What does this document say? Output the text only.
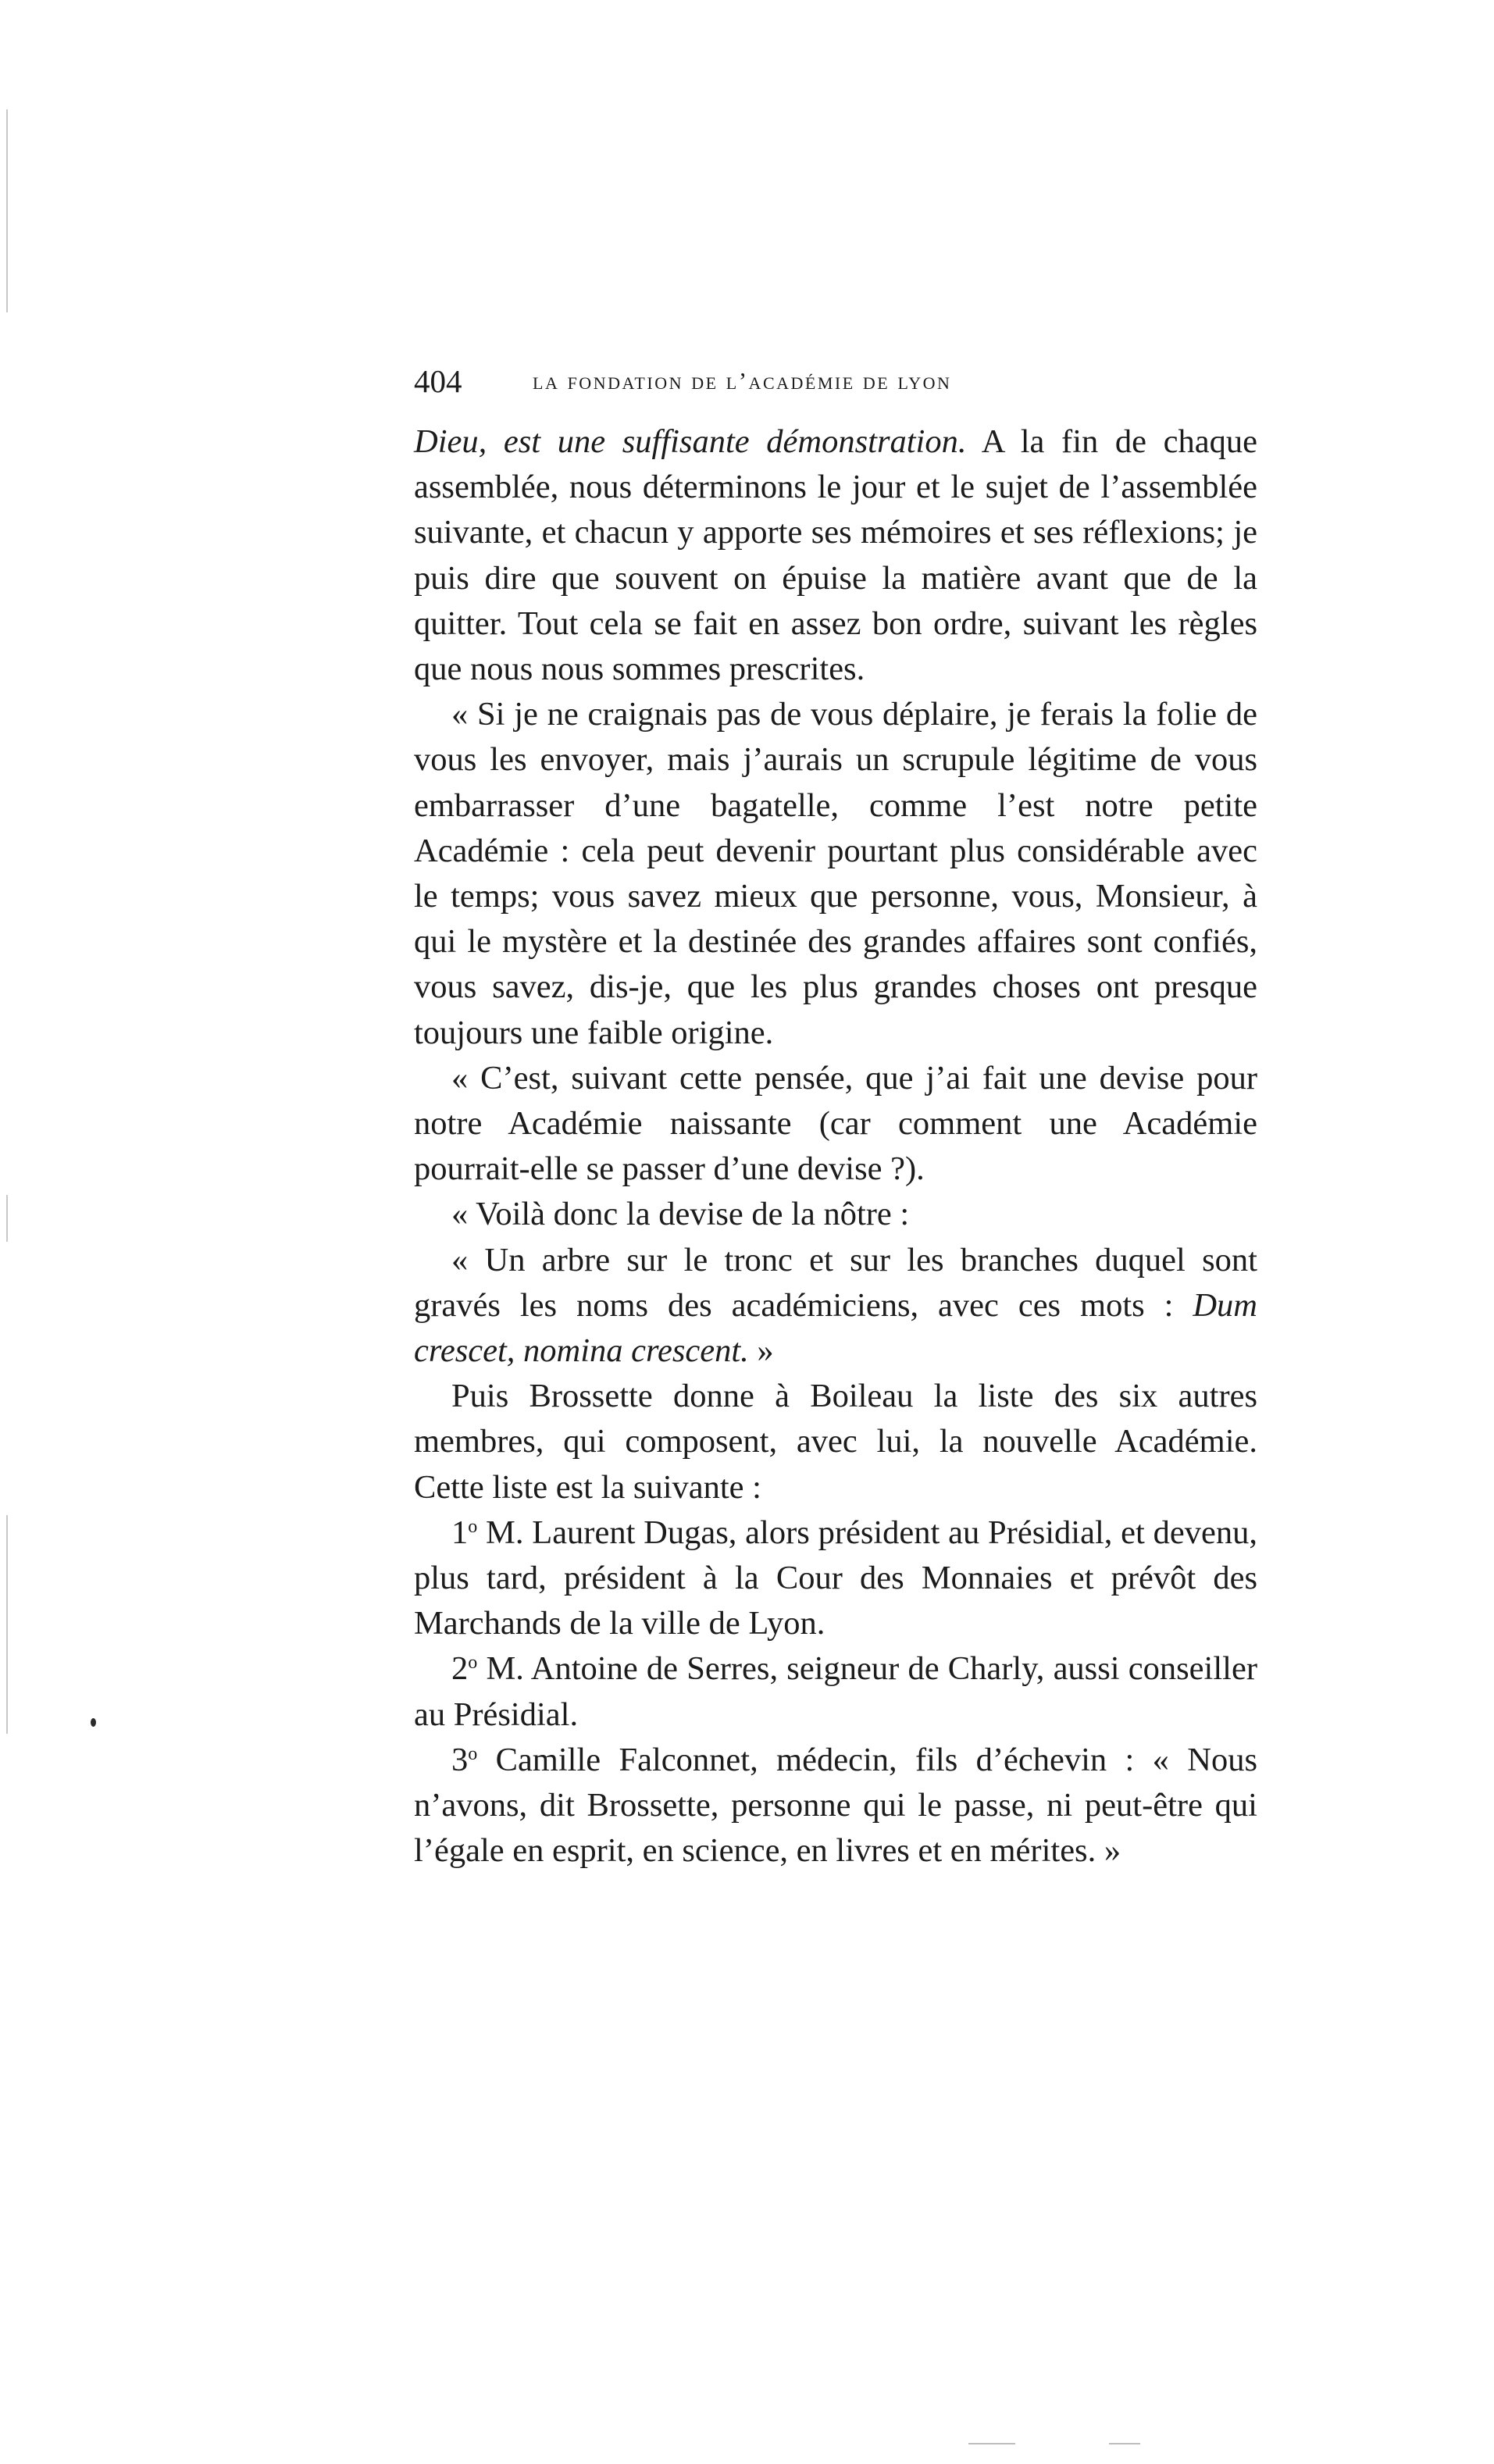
404	la fondation de l’académie de lyon

Dieu, est une suffisante démonstration. A la fin de chaque assemblée, nous déterminons le jour et le sujet de l’assemblée suivante, et chacun y apporte ses mémoires et ses réflexions; je puis dire que souvent on épuise la matière avant que de la quitter. Tout cela se fait en assez bon ordre, suivant les règles que nous nous sommes prescrites.

« Si je ne craignais pas de vous déplaire, je ferais la folie de vous les envoyer, mais j’aurais un scrupule légitime de vous embarrasser d’une bagatelle, comme l’est notre petite Académie : cela peut devenir pourtant plus considérable avec le temps; vous savez mieux que personne, vous, Monsieur, à qui le mystère et la destinée des grandes affaires sont confiés, vous savez, dis-je, que les plus grandes choses ont presque toujours une faible origine.

« C’est, suivant cette pensée, que j’ai fait une devise pour notre Académie naissante (car comment une Académie pourrait-elle se passer d’une devise ?).

« Voilà donc la devise de la nôtre :

« Un arbre sur le tronc et sur les branches duquel sont gravés les noms des académiciens, avec ces mots : Dum crescet, nomina crescent. »

Puis Brossette donne à Boileau la liste des six autres membres, qui composent, avec lui, la nouvelle Académie. Cette liste est la suivante :

1$^o$ M. Laurent Dugas, alors président au Présidial, et devenu, plus tard, président à la Cour des Monnaies et prévôt des Marchands de la ville de Lyon.

2$^o$ M. Antoine de Serres, seigneur de Charly, aussi conseiller au Présidial.

3$^o$ Camille Falconnet, médecin, fils d’échevin : « Nous n’avons, dit Brossette, personne qui le passe, ni peut-être qui l’égale en esprit, en science, en livres et en mérites. »
